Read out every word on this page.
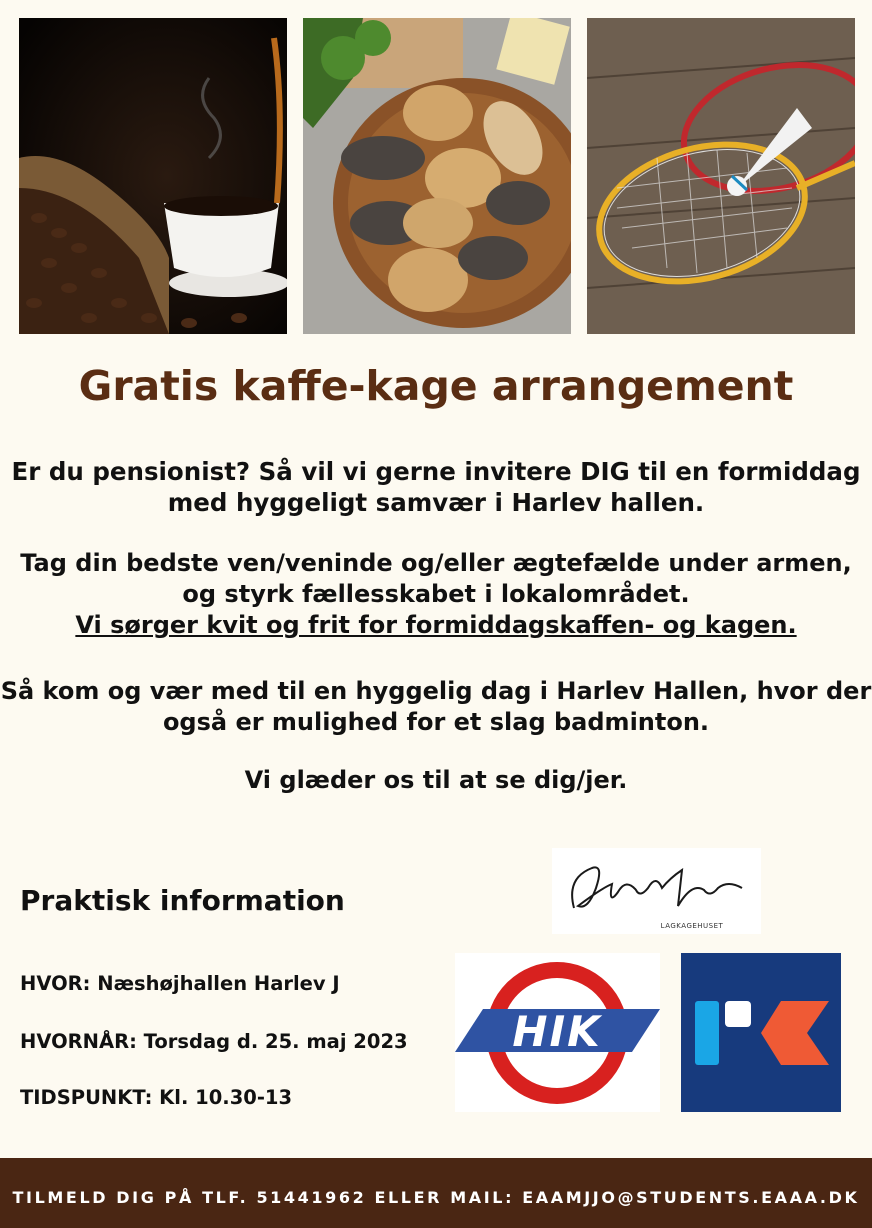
Gratis kaffe-kage arrangement
Er du pensionist? Så vil vi gerne invitere DIG til en formiddag
med hyggeligt samvær i Harlev hallen.
Tag din bedste ven/veninde og/eller ægtefælde under armen,
og styrk fællesskabet i lokalområdet.
Vi sørger kvit og frit for formiddagskaffen- og kagen.
Så kom og vær med til en hyggelig dag i Harlev Hallen, hvor der
også er mulighed for et slag badminton.
Vi glæder os til at se dig/jer.
Praktisk information
HVOR: Næshøjhallen Harlev J
HVORNÅR: Torsdag d. 25. maj 2023
TIDSPUNKT: Kl. 10.30-13
LAGKAGEHUSET
HIK
TILMELD DIG PÅ TLF. 51441962 ELLER MAIL: EAAMJJO@STUDENTS.EAAA.DK
